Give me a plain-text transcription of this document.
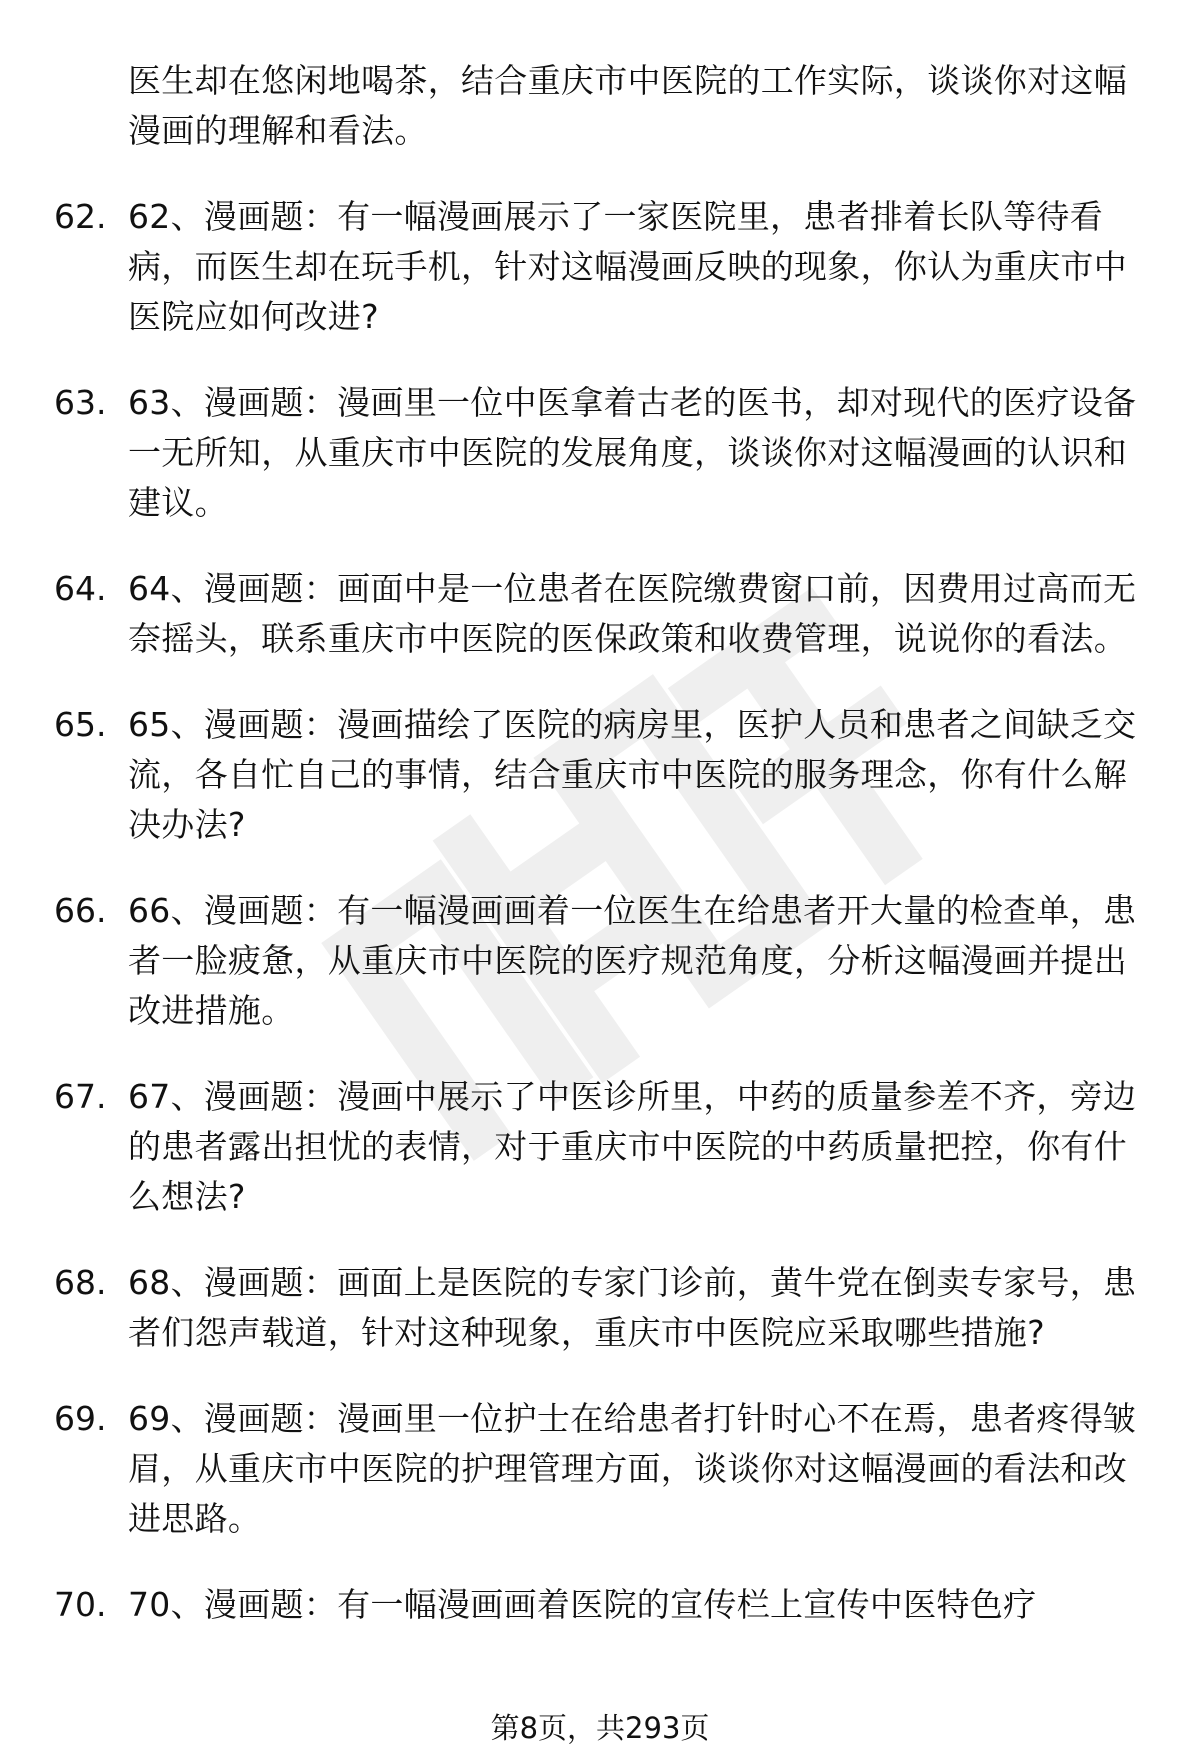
医生却在悠闲地喝茶，结合重庆市中医院的工作实际，谈谈你对这幅漫画的理解和看法。
62. 62、漫画题：有一幅漫画展示了一家医院里，患者排着长队等待看病，而医生却在玩手机，针对这幅漫画反映的现象，你认为重庆市中医院应如何改进?
63. 63、漫画题：漫画里一位中医拿着古老的医书，却对现代的医疗设备一无所知，从重庆市中医院的发展角度，谈谈你对这幅漫画的认识和建议。
64. 64、漫画题：画面中是一位患者在医院缴费窗口前，因费用过高而无奈摇头，联系重庆市中医院的医保政策和收费管理，说说你的看法。
65. 65、漫画题：漫画描绘了医院的病房里，医护人员和患者之间缺乏交流，各自忙自己的事情，结合重庆市中医院的服务理念，你有什么解决办法?
66. 66、漫画题：有一幅漫画画着一位医生在给患者开大量的检查单，患者一脸疲惫，从重庆市中医院的医疗规范角度，分析这幅漫画并提出改进措施。
67. 67、漫画题：漫画中展示了中医诊所里，中药的质量参差不齐，旁边的患者露出担忧的表情，对于重庆市中医院的中药质量把控，你有什么想法?
68. 68、漫画题：画面上是医院的专家门诊前，黄牛党在倒卖专家号，患者们怨声载道，针对这种现象，重庆市中医院应采取哪些措施?
69. 69、漫画题：漫画里一位护士在给患者打针时心不在焉，患者疼得皱眉，从重庆市中医院的护理管理方面，谈谈你对这幅漫画的看法和改进思路。
70. 70、漫画题：有一幅漫画画着医院的宣传栏上宣传中医特色疗
第8页，共293页
